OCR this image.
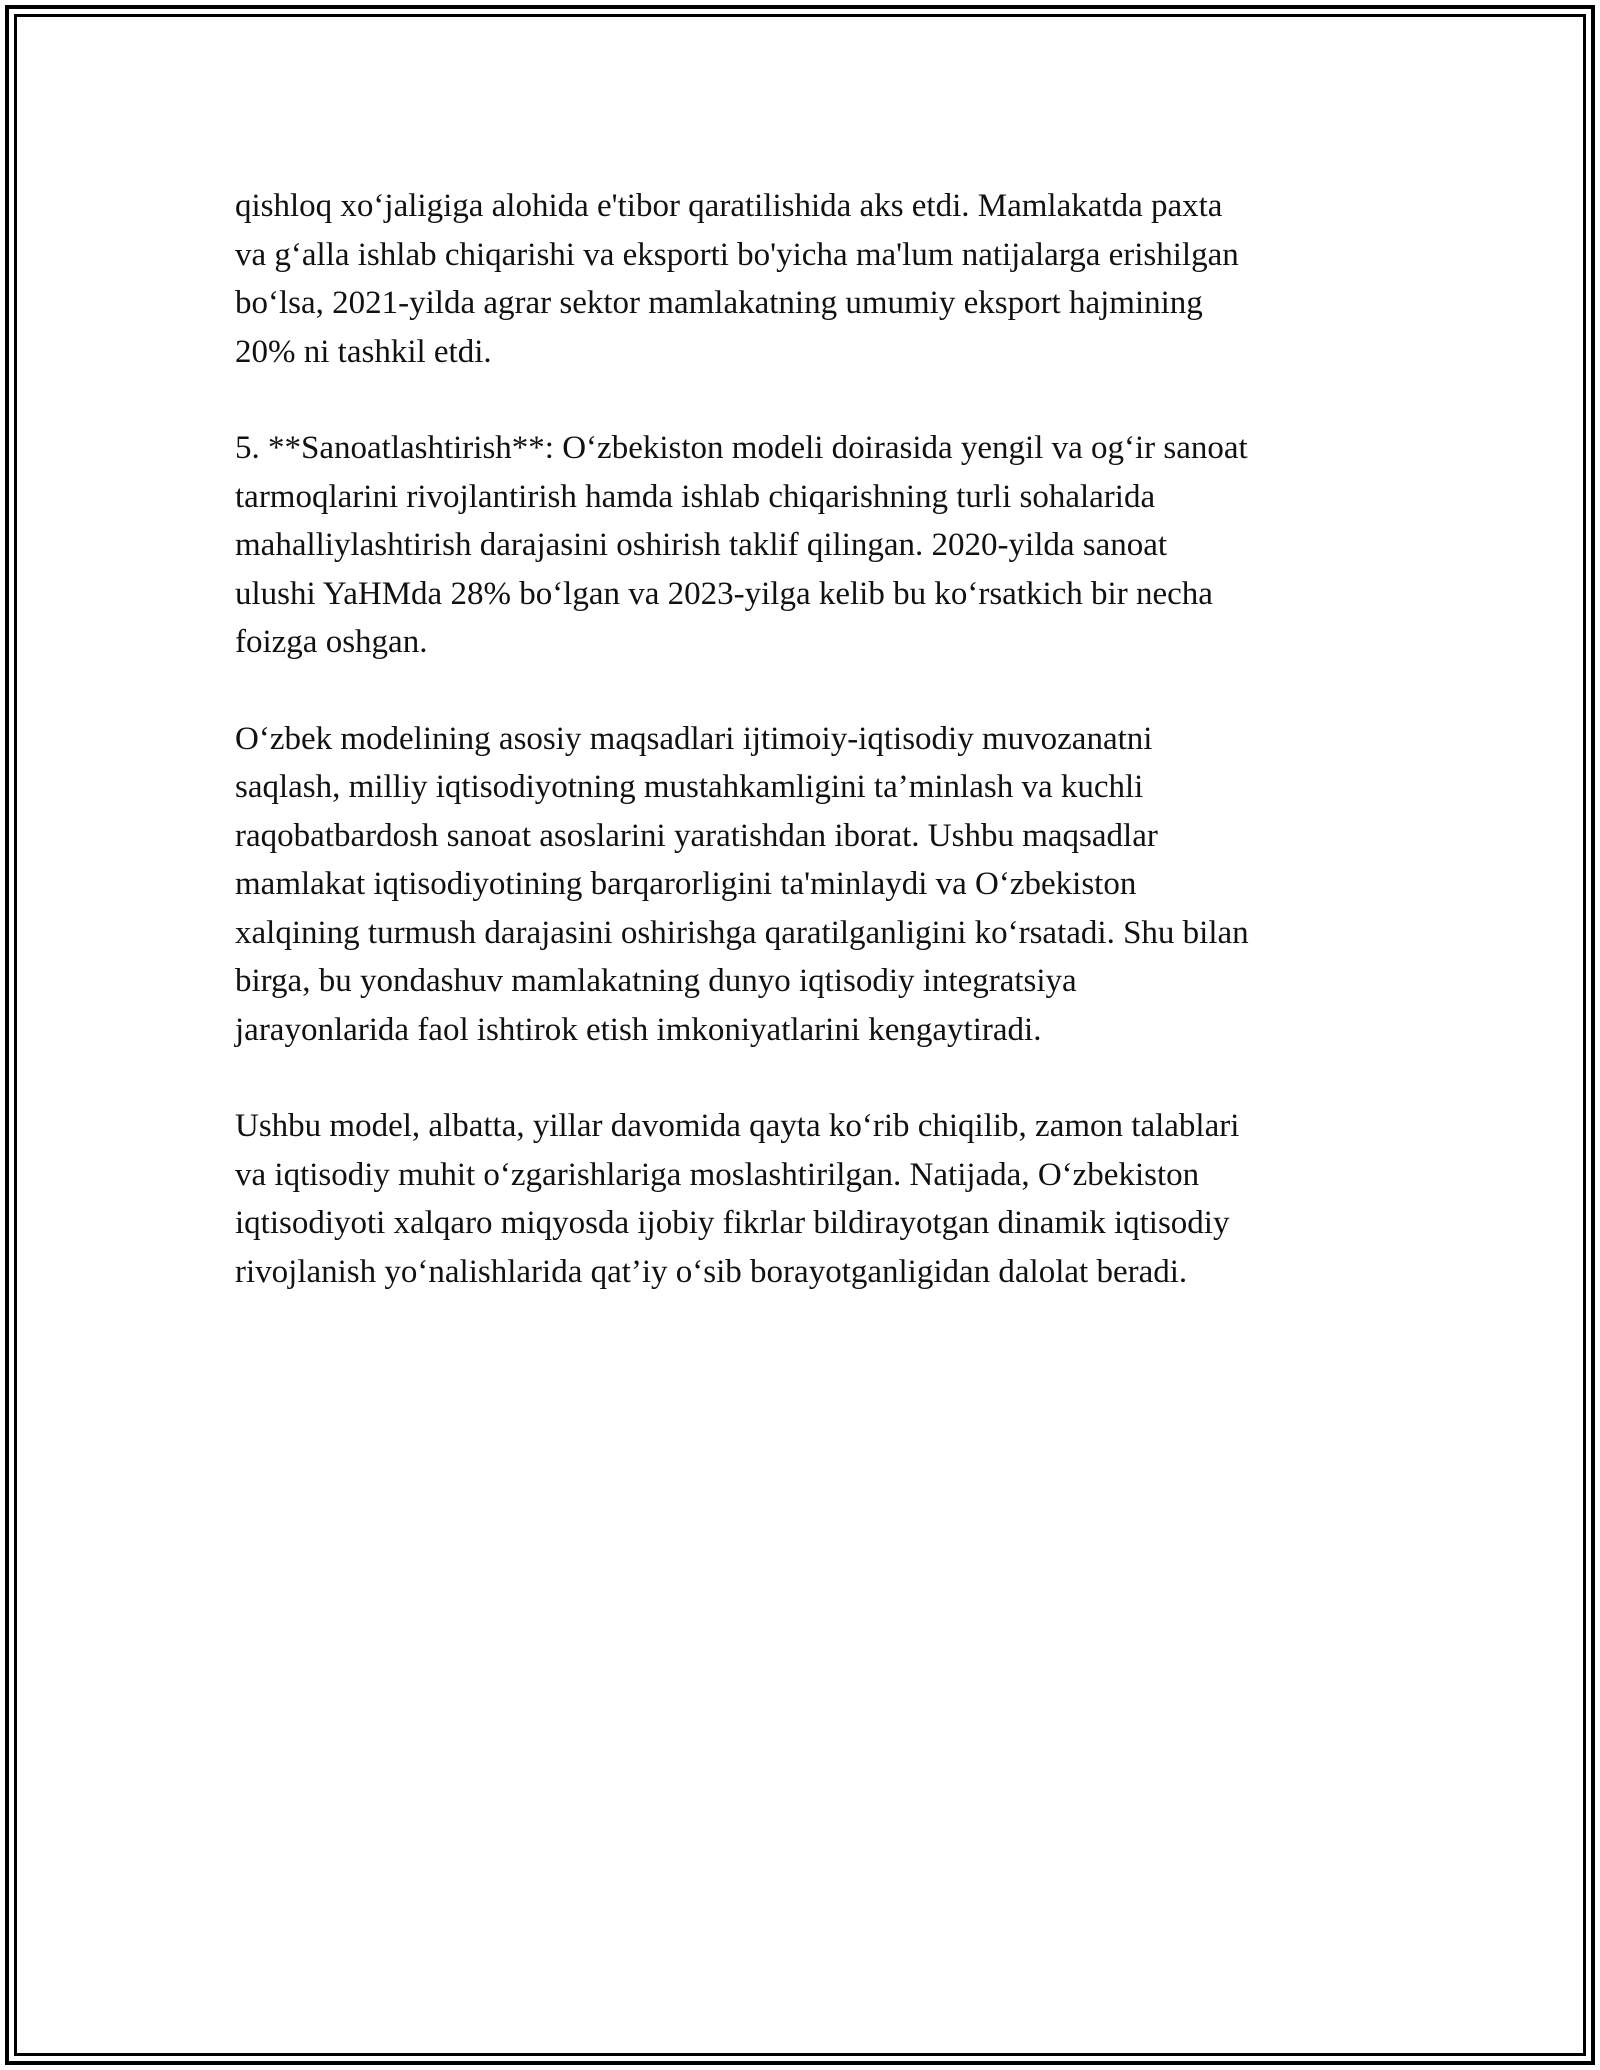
qishloq xo‘jaligiga alohida e'tibor qaratilishida aks etdi. Mamlakatda paxta
va g‘alla ishlab chiqarishi va eksporti bo'yicha ma'lum natijalarga erishilgan
bo‘lsa, 2021-yilda agrar sektor mamlakatning umumiy eksport hajmining
20% ni tashkil etdi.

5. **Sanoatlashtirish**: O‘zbekiston modeli doirasida yengil va og‘ir sanoat
tarmoqlarini rivojlantirish hamda ishlab chiqarishning turli sohalarida
mahalliylashtirish darajasini oshirish taklif qilingan. 2020-yilda sanoat
ulushi YaHMda 28% bo‘lgan va 2023-yilga kelib bu ko‘rsatkich bir necha
foizga oshgan.

O‘zbek modelining asosiy maqsadlari ijtimoiy-iqtisodiy muvozanatni
saqlash, milliy iqtisodiyotning mustahkamligini ta’minlash va kuchli
raqobatbardosh sanoat asoslarini yaratishdan iborat. Ushbu maqsadlar
mamlakat iqtisodiyotining barqarorligini ta'minlaydi va O‘zbekiston
xalqining turmush darajasini oshirishga qaratilganligini ko‘rsatadi. Shu bilan
birga, bu yondashuv mamlakatning dunyo iqtisodiy integratsiya
jarayonlarida faol ishtirok etish imkoniyatlarini kengaytiradi.

Ushbu model, albatta, yillar davomida qayta ko‘rib chiqilib, zamon talablari
va iqtisodiy muhit o‘zgarishlariga moslashtirilgan. Natijada, O‘zbekiston
iqtisodiyoti xalqaro miqyosda ijobiy fikrlar bildirayotgan dinamik iqtisodiy
rivojlanish yo‘nalishlarida qat’iy o‘sib borayotganligidan dalolat beradi.
